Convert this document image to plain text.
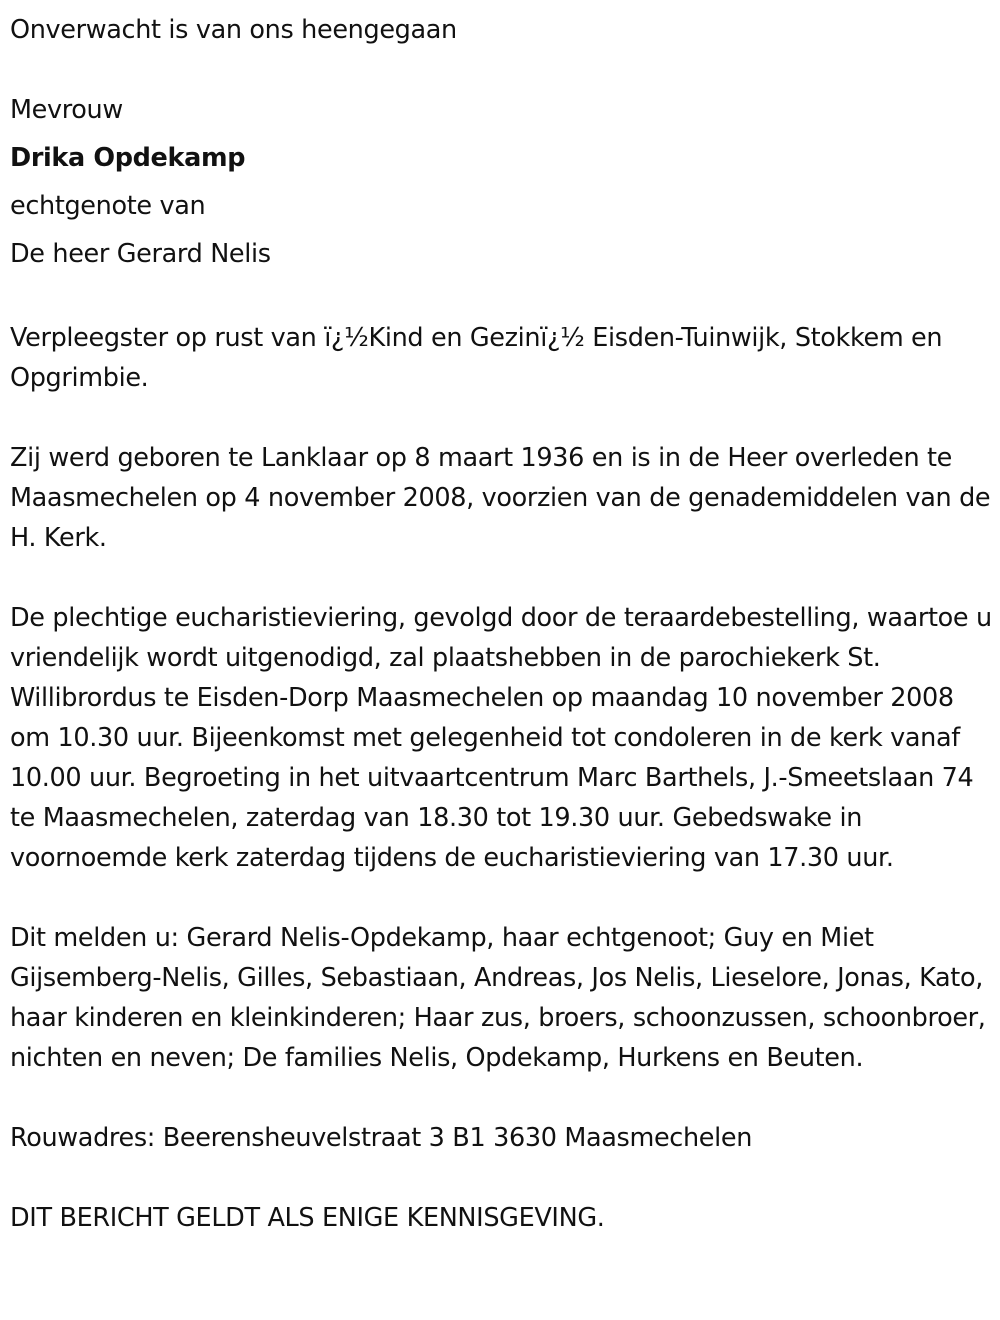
Onverwacht is van ons heengegaan

Mevrouw

Drika Opdekamp

echtgenote van

De heer Gerard Nelis

Verpleegster op rust van ï¿½Kind en Gezinï¿½ Eisden-Tuinwijk, Stokkem en Opgrimbie.

Zij werd geboren te Lanklaar op 8 maart 1936 en is in de Heer overleden te Maasmechelen op 4 november 2008, voorzien van de genademiddelen van de H. Kerk.

De plechtige eucharistieviering, gevolgd door de teraardebestelling, waartoe u vriendelijk wordt uitgenodigd, zal plaatshebben in de parochiekerk St. Willibrordus te Eisden-Dorp Maasmechelen op maandag 10 november 2008 om 10.30 uur. Bijeenkomst met gelegenheid tot condoleren in de kerk vanaf 10.00 uur. Begroeting in het uitvaartcentrum Marc Barthels, J.-Smeetslaan 74 te Maasmechelen, zaterdag van 18.30 tot 19.30 uur. Gebedswake in voornoemde kerk zaterdag tijdens de eucharistieviering van 17.30 uur.

Dit melden u: Gerard Nelis-Opdekamp, haar echtgenoot; Guy en Miet Gijsemberg-Nelis, Gilles, Sebastiaan, Andreas, Jos Nelis, Lieselore, Jonas, Kato, haar kinderen en kleinkinderen; Haar zus, broers, schoonzussen, schoonbroer, nichten en neven; De families Nelis, Opdekamp, Hurkens en Beuten.

Rouwadres: Beerensheuvelstraat 3 B1 3630 Maasmechelen

DIT BERICHT GELDT ALS ENIGE KENNISGEVING.
